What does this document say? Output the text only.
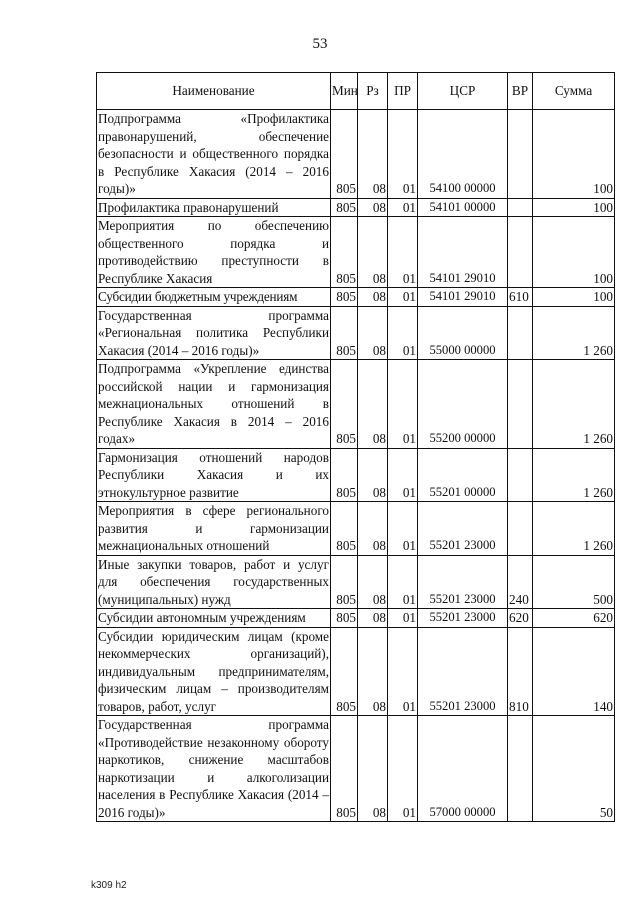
53
Наименование	Мин	Рз	ПР	ЦСР	ВР	Сумма
Подпрограмма «Профилактика правонарушений, обеспечение безопасности и общественного порядка в Республике Хакасия (2014 – 2016 годы)»	805	08	01	54100 00000		100
Профилактика правонарушений	805	08	01	54101 00000		100
Мероприятия по обеспечению общественного порядка и противодействию преступности в Республике Хакасия	805	08	01	54101 29010		100
Субсидии бюджетным учреждениям	805	08	01	54101 29010	610	100
Государственная программа «Региональная политика Республики Хакасия (2014 – 2016 годы)»	805	08	01	55000 00000		1 260
Подпрограмма «Укрепление единства российской нации и гармонизация межнациональных отношений в Республике Хакасия в 2014 – 2016 годах»	805	08	01	55200 00000		1 260
Гармонизация отношений народов Республики Хакасия и их этнокультурное развитие	805	08	01	55201 00000		1 260
Мероприятия в сфере регионального развития и гармонизации межнациональных отношений	805	08	01	55201 23000		1 260
Иные закупки товаров, работ и услуг для обеспечения государственных (муниципальных) нужд	805	08	01	55201 23000	240	500
Субсидии автономным учреждениям	805	08	01	55201 23000	620	620
Субсидии юридическим лицам (кроме некоммерческих организаций), индивидуальным предпринимателям, физическим лицам – производителям товаров, работ, услуг	805	08	01	55201 23000	810	140
Государственная программа «Противодействие незаконному обороту наркотиков, снижение масштабов наркотизации и алкоголизации населения в Республике Хакасия (2014 – 2016 годы)»	805	08	01	57000 00000		50
k309 h2
